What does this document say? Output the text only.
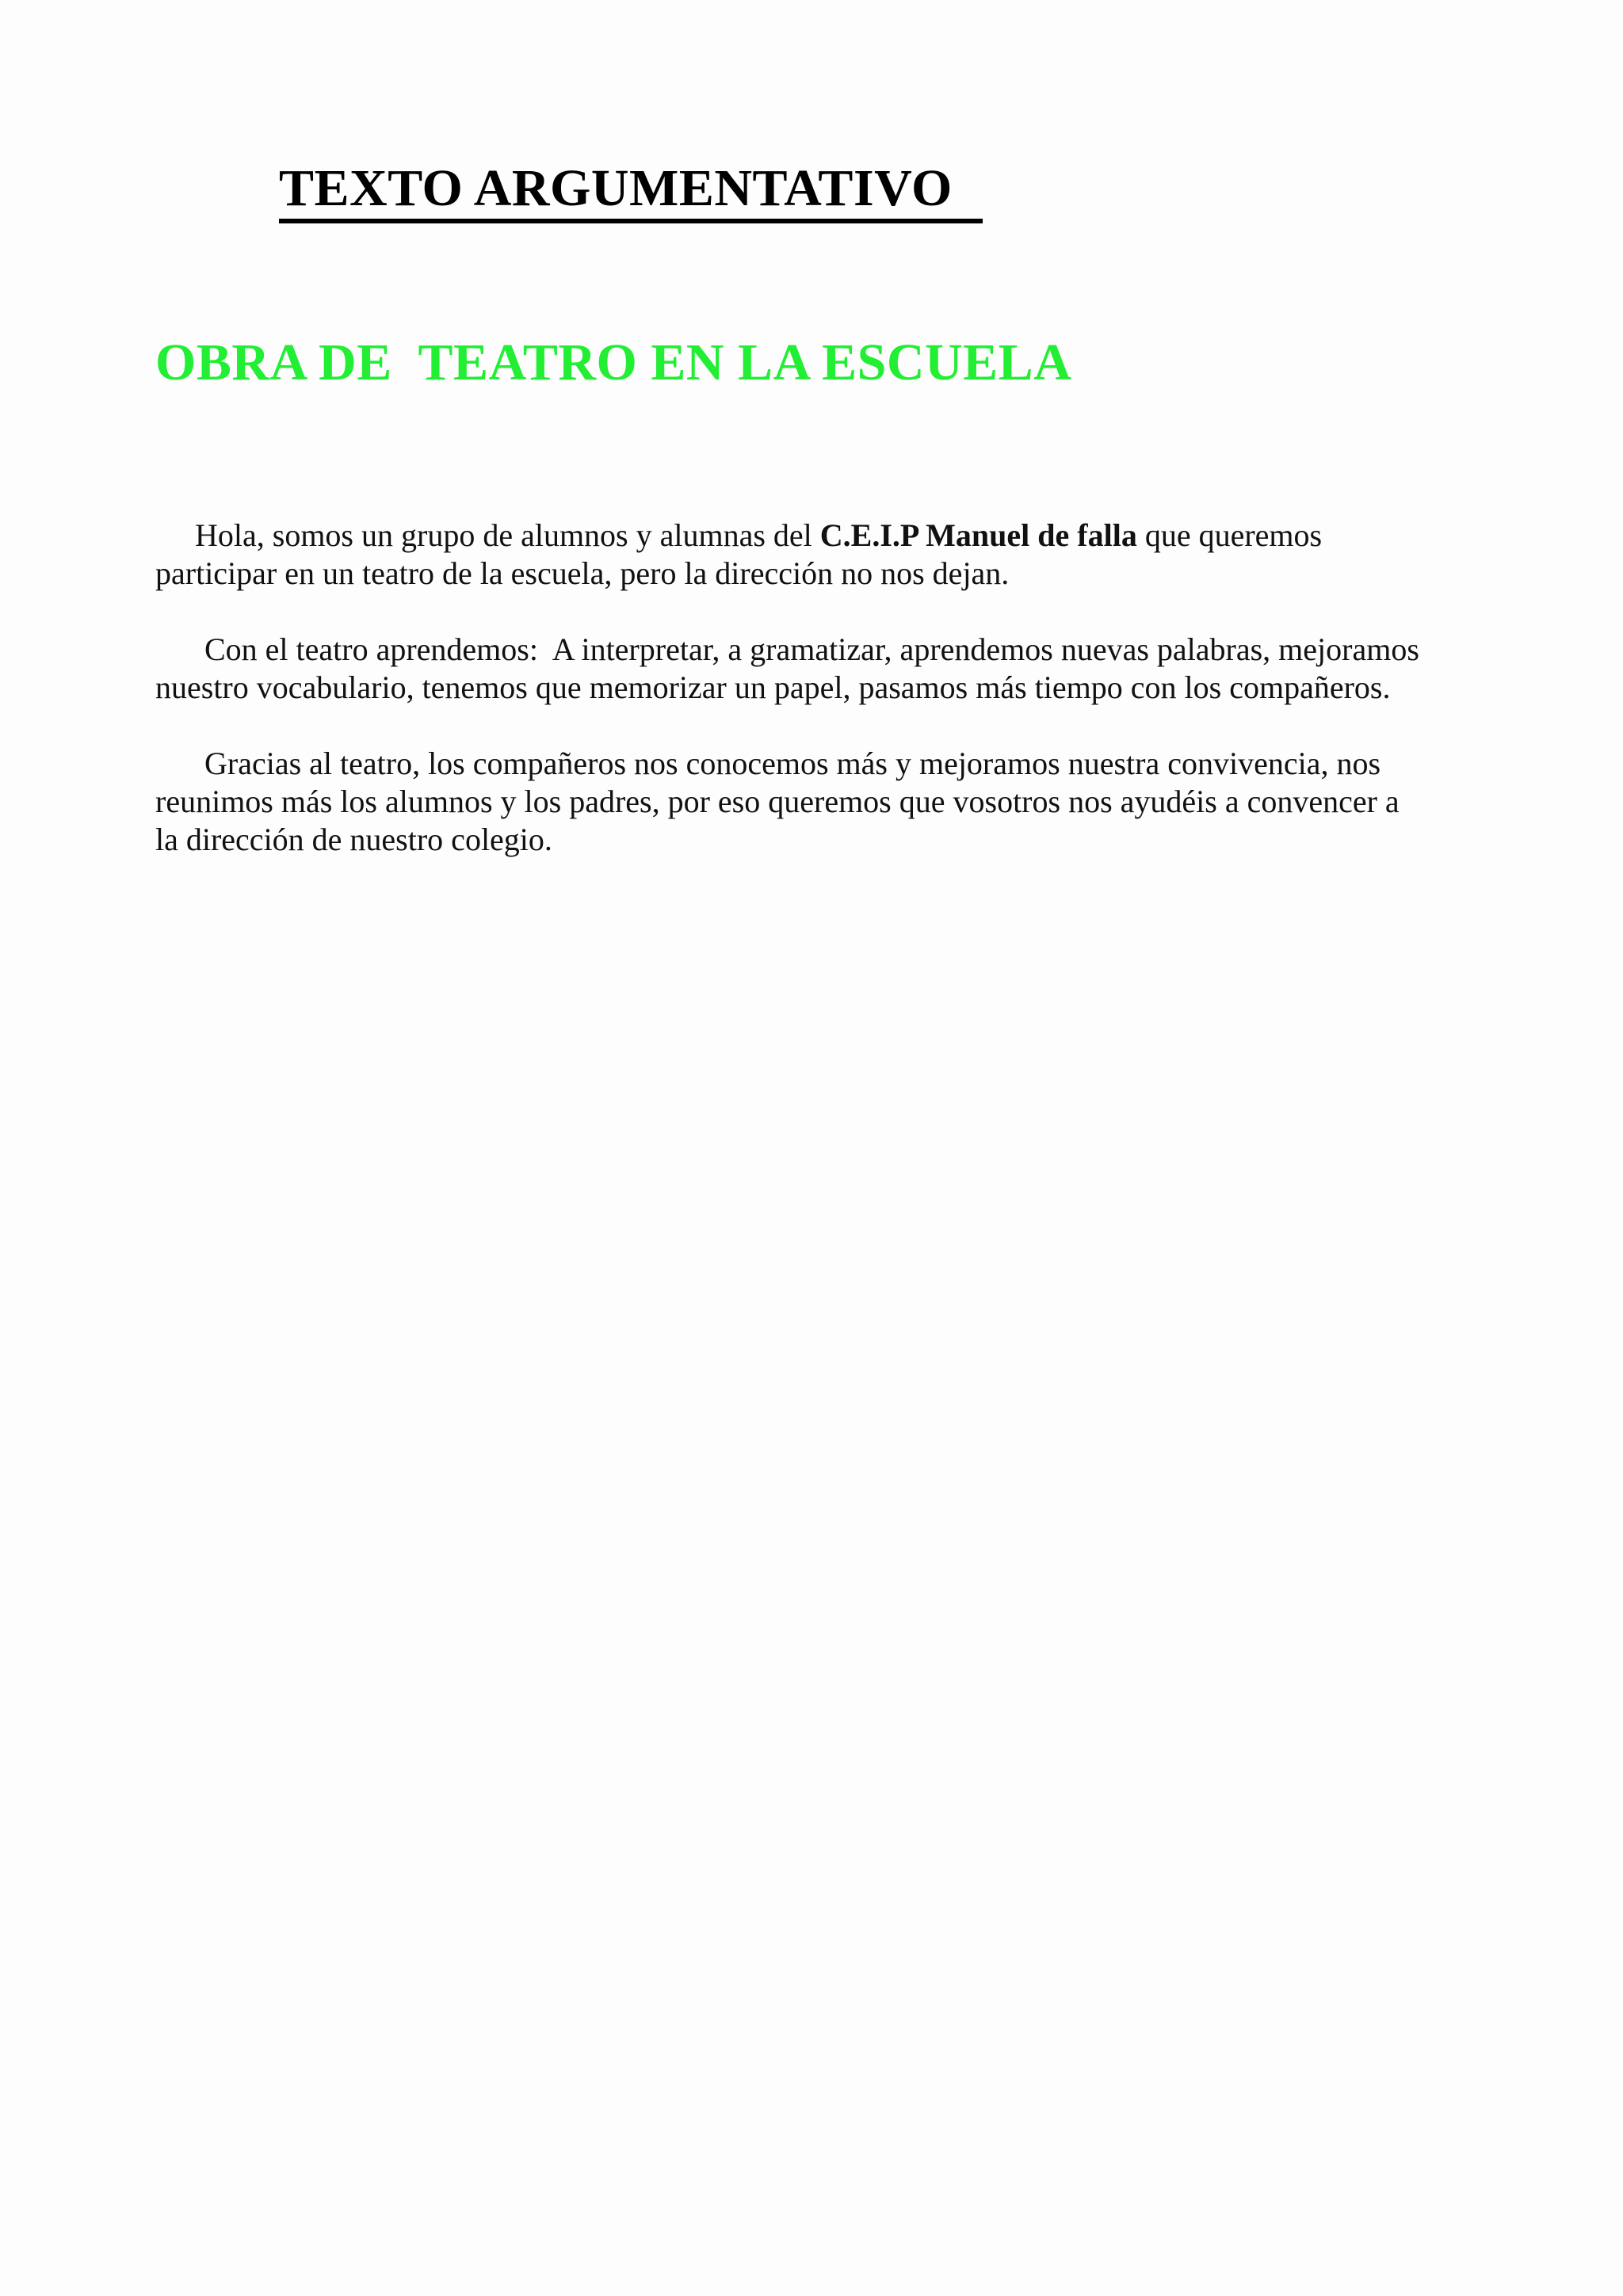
TEXTO ARGUMENTATIVO
OBRA DE  TEATRO EN LA ESCUELA

Hola, somos un grupo de alumnos y alumnas del C.E.I.P Manuel de falla que queremos
participar en un teatro de la escuela, pero la dirección no nos dejan.

Con el teatro aprendemos:  A interpretar, a gramatizar, aprendemos nuevas palabras, mejoramos
nuestro vocabulario, tenemos que memorizar un papel, pasamos más tiempo con los compañeros.

Gracias al teatro, los compañeros nos conocemos más y mejoramos nuestra convivencia, nos
reunimos más los alumnos y los padres, por eso queremos que vosotros nos ayudéis a convencer a
la dirección de nuestro colegio.
